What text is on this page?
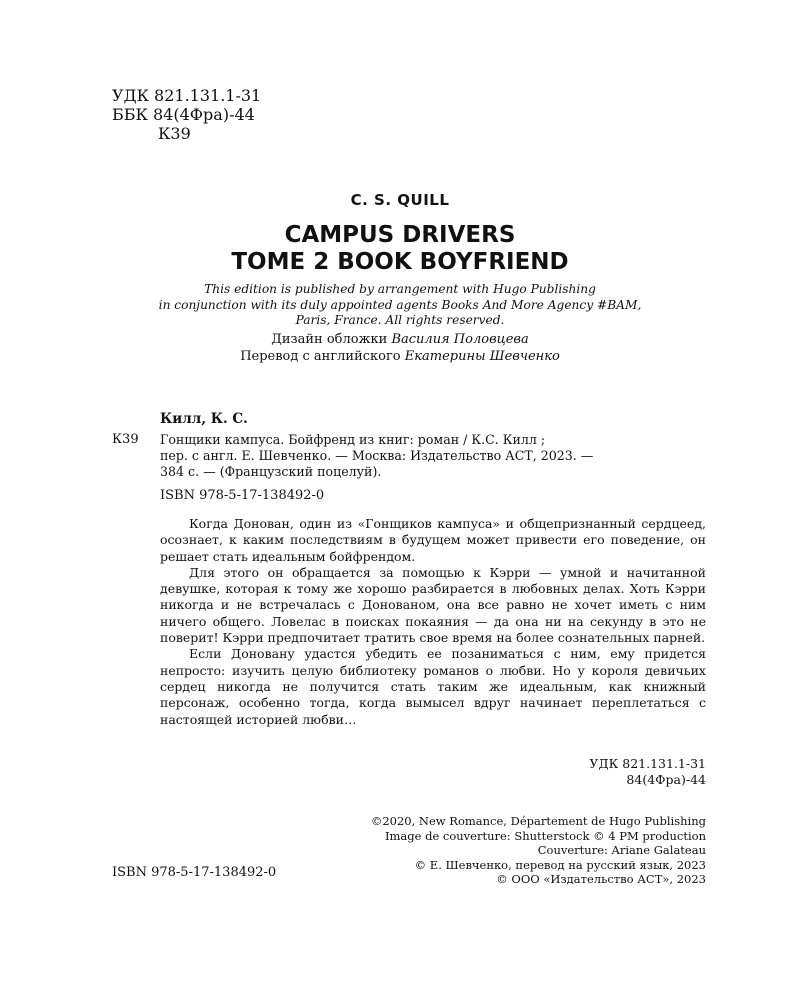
УДК 821.131.1-31
ББК 84(4Фра)-44
К39
C. S. QUILL
CAMPUS DRIVERS
TOME 2 BOOK BOYFRIEND
This edition is published by arrangement with Hugo Publishing
in conjunction with its duly appointed agents Books And More Agency #BAM,
Paris, France. All rights reserved.
Дизайн обложки Василия Половцева
Перевод с английского Екатерины Шевченко
Килл, К. С.
К39 Гонщики кампуса. Бойфренд из книг: роман / К.С. Килл ;
пер. с англ. Е. Шевченко. — Москва: Издательство АСТ, 2023. —
384 с. — (Французский поцелуй).
ISBN 978-5-17-138492-0

Когда Донован, один из «Гонщиков кампуса» и общепризнанный сердцеед, осознает, к каким последствиям в будущем может привести его поведение, он решает стать идеальным бойфрендом.

Для этого он обращается за помощью к Кэрри — умной и начитанной девушке, которая к тому же хорошо разбирается в любовных делах. Хоть Кэрри никогда и не встречалась с Донованом, она все равно не хочет иметь с ним ничего общего. Ловелас в поисках покаяния — да она ни на секунду в это не поверит! Кэрри предпочитает тратить свое время на более сознательных парней.

Если Доновану удастся убедить ее позаниматься с ним, ему придется непросто: изучить целую библиотеку романов о любви. Но у короля девичьих сердец никогда не получится стать таким же идеальным, как книжный персонаж, особенно тогда, когда вымысел вдруг начинает переплетаться с настоящей историей любви…

УДК 821.131.1-31
84(4Фра)-44
©2020, New Romance, Département de Hugo Publishing
Image de couverture: Shutterstock © 4 PM production
Couverture: Ariane Galateau
© Е. Шевченко, перевод на русский язык, 2023
© ООО «Издательство АСТ», 2023
ISBN 978-5-17-138492-0
